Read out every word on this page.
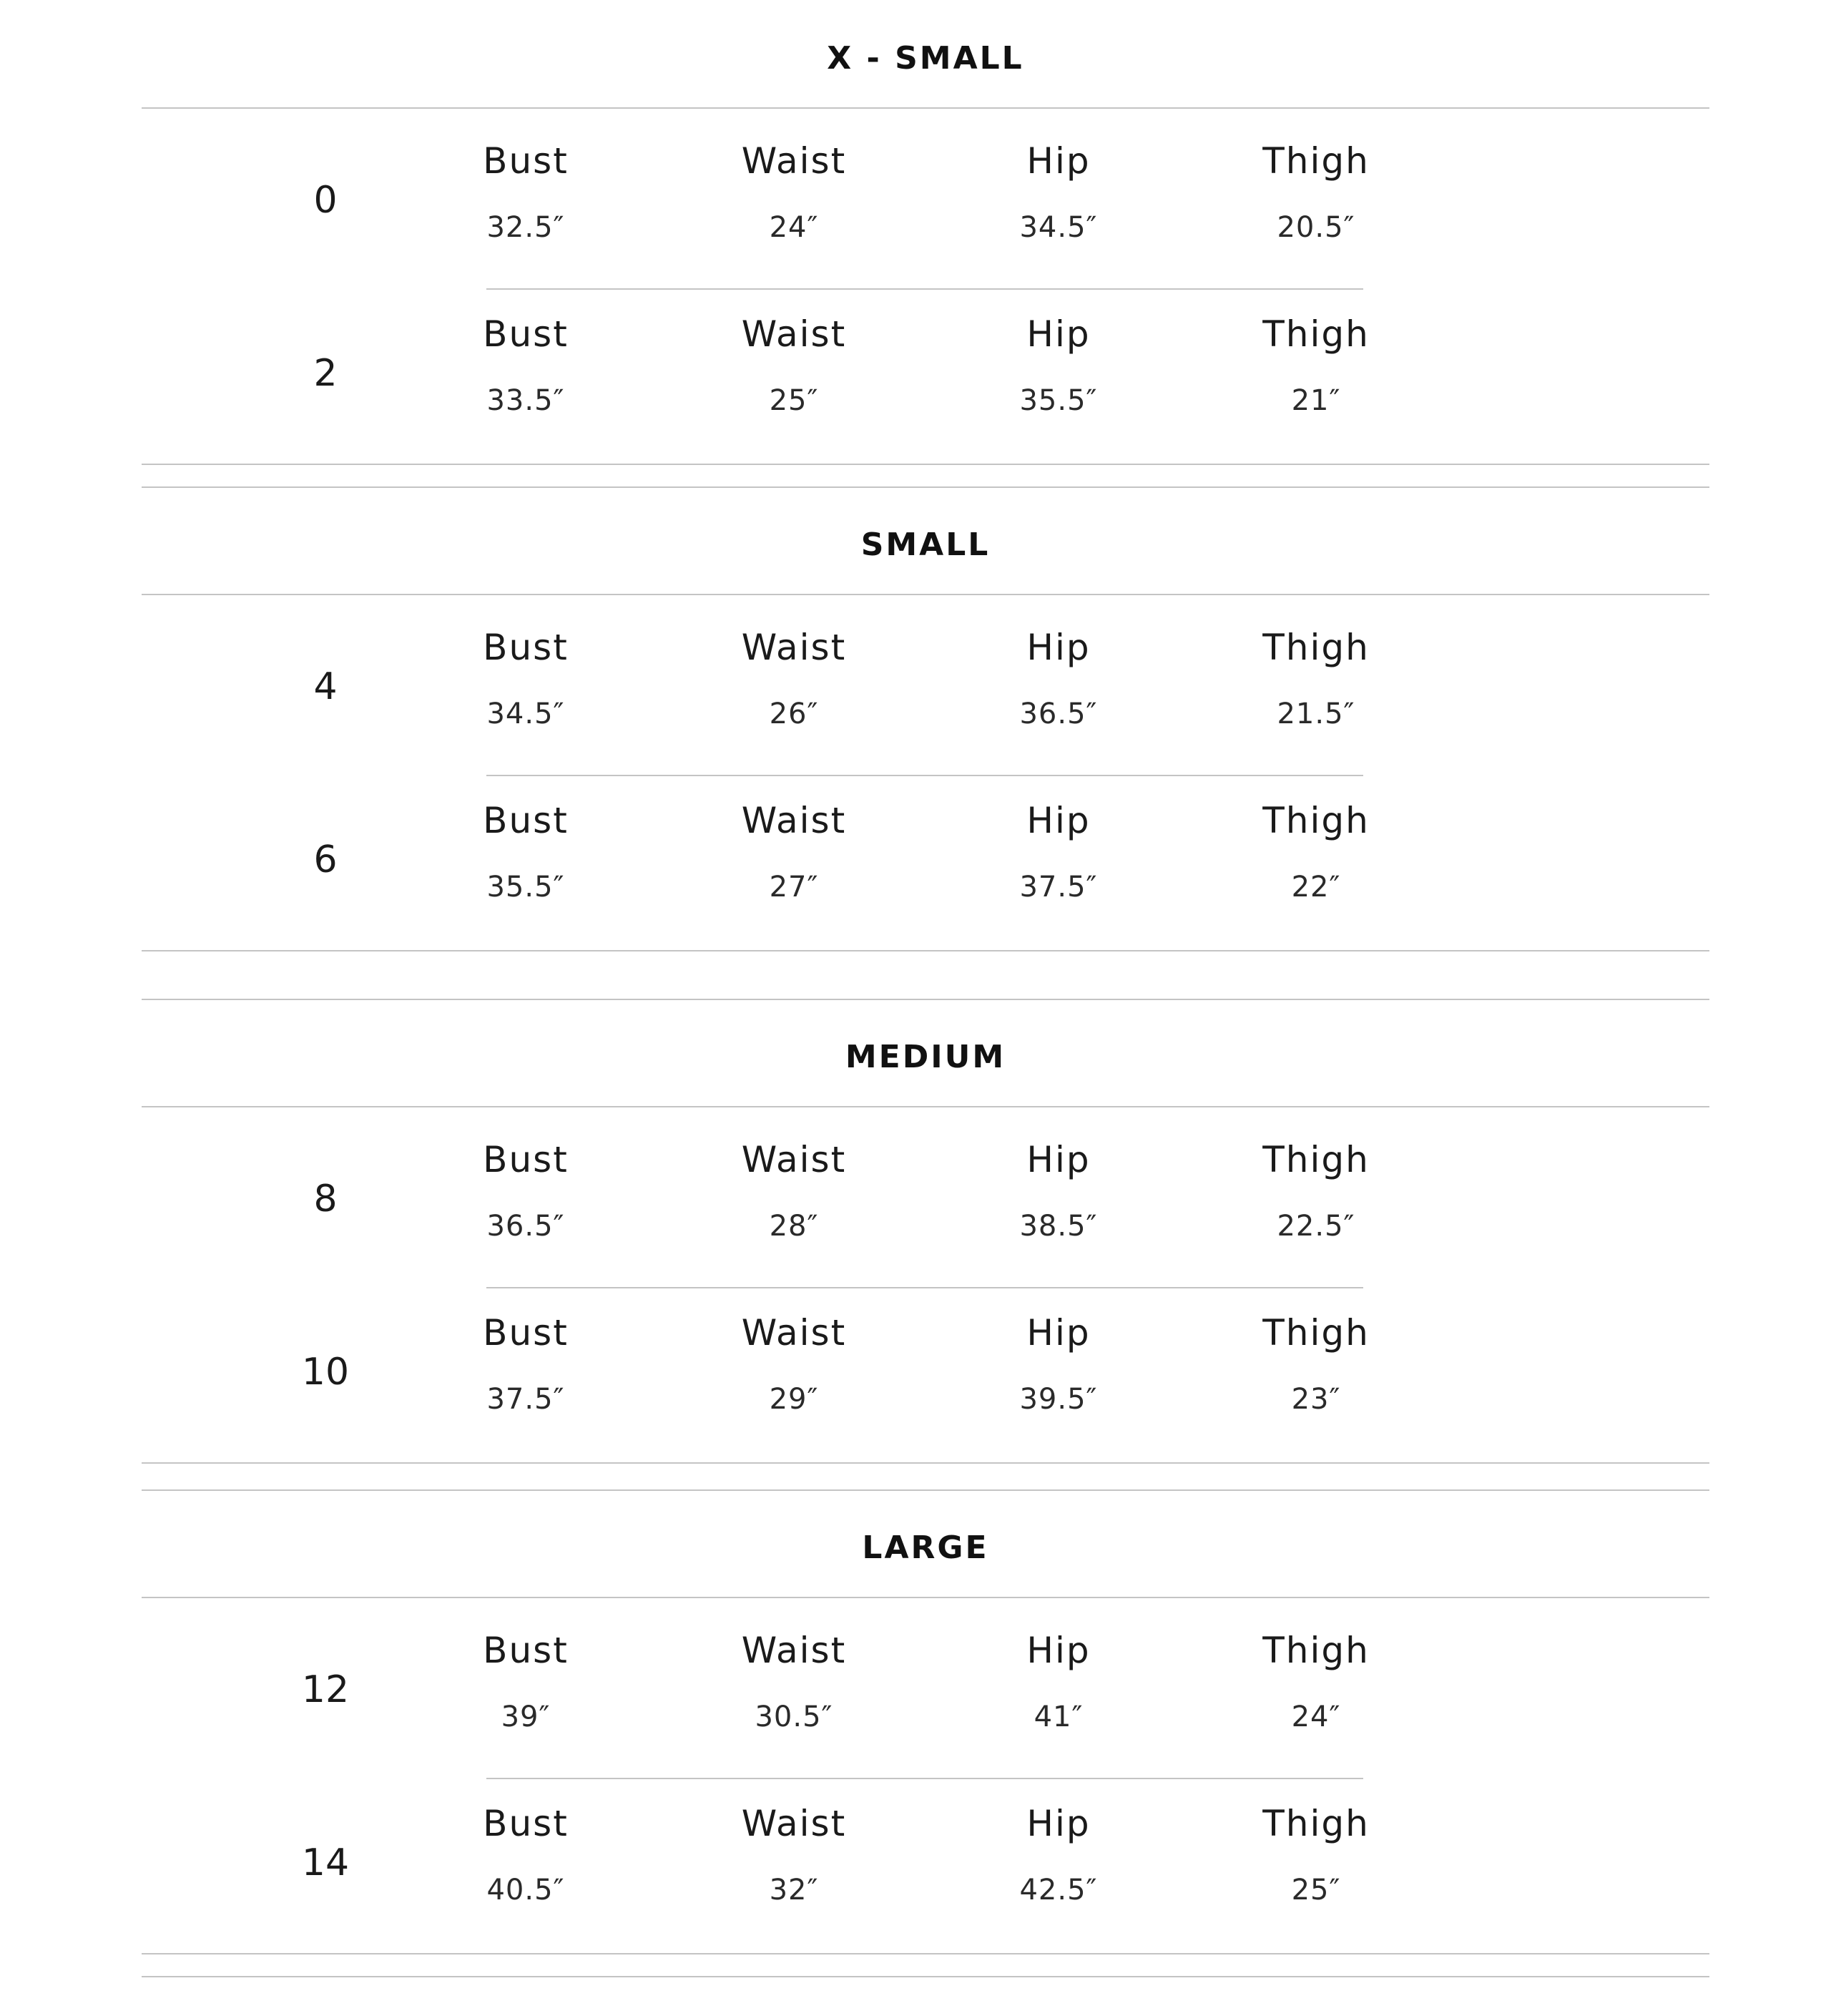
X - SMALL
0
Bust
32.5″
Waist
24″
Hip
34.5″
Thigh
20.5″
2
Bust
33.5″
Waist
25″
Hip
35.5″
Thigh
21″
SMALL
4
Bust
34.5″
Waist
26″
Hip
36.5″
Thigh
21.5″
6
Bust
35.5″
Waist
27″
Hip
37.5″
Thigh
22″
MEDIUM
8
Bust
36.5″
Waist
28″
Hip
38.5″
Thigh
22.5″
10
Bust
37.5″
Waist
29″
Hip
39.5″
Thigh
23″
LARGE
12
Bust
39″
Waist
30.5″
Hip
41″
Thigh
24″
14
Bust
40.5″
Waist
32″
Hip
42.5″
Thigh
25″
